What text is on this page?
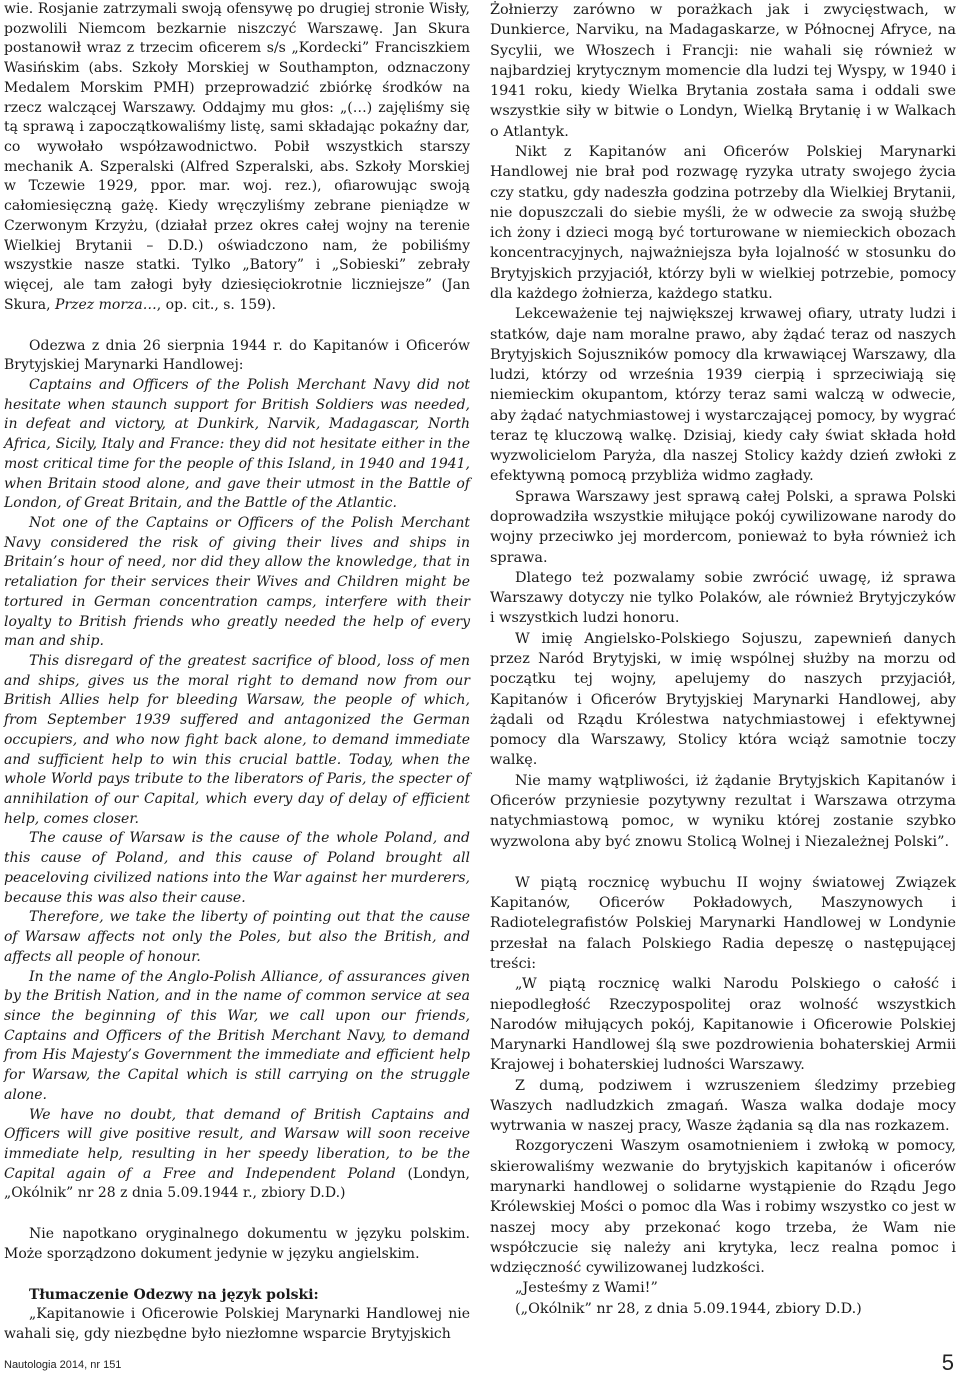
wie. Rosjanie zatrzymali swoją ofensywę po drugiej stronie Wisły, pozwolili Niemcom bezkarnie niszczyć Warszawę. Jan Skura postanowił wraz z trzecim oficerem s/s „Kordecki” Franciszkiem Wasińskim (abs. Szkoły Morskiej w Southampton, odznaczony Medalem Morskim PMH) przeprowadzić zbiórkę środków na rzecz walczącej Warszawy. Oddajmy mu głos: „(…) zajęliśmy się tą sprawą i zapoczątkowaliśmy listę, sami składając pokaźny dar, co wywołało współzawodnictwo. Pobił wszystkich starszy mechanik A. Szperalski (Alfred Szperalski, abs. Szkoły Morskiej w Tczewie 1929, ppor. mar. woj. rez.), ofiarowując swoją całomiesięczną gażę. Kiedy wręczyliśmy zebrane pieniądze w Czerwonym Krzyżu, (działał przez okres całej wojny na terenie Wielkiej Brytanii – D.D.) oświadczono nam, że pobiliśmy wszystkie nasze statki. Tylko „Batory” i „Sobieski” zebrały więcej, ale tam załogi były dziesięciokrotnie liczniejsze” (Jan Skura, Przez morza…, op. cit., s. 159).

Odezwa z dnia 26 sierpnia 1944 r. do Kapitanów i Oficerów Brytyjskiej Marynarki Handlowej:

Captains and Officers of the Polish Merchant Navy did not hesitate when staunch support for British Soldiers was needed, in defeat and victory, at Dunkirk, Narvik, Madagascar, North Africa, Sicily, Italy and France: they did not hesitate either in the most critical time for the people of this Island, in 1940 and 1941, when Britain stood alone, and gave their utmost in the Battle of London, of Great Britain, and the Battle of the Atlantic.

Not one of the Captains or Officers of the Polish Merchant Navy considered the risk of giving their lives and ships in Britain’s hour of need, nor did they allow the knowledge, that in retaliation for their services their Wives and Children might be tortured in German concentration camps, interfere with their loyalty to British friends who greatly needed the help of every man and ship.

This disregard of the greatest sacrifice of blood, loss of men and ships, gives us the moral right to demand now from our British Allies help for bleeding Warsaw, the people of which, from September 1939 suffered and antagonized the German occupiers, and who now fight back alone, to demand immediate and sufficient help to win this crucial battle. Today, when the whole World pays tribute to the liberators of Paris, the specter of annihilation of our Capital, which every day of delay of efficient help, comes closer.

The cause of Warsaw is the cause of the whole Poland, and this cause of Poland, and this cause of Poland brought all peaceloving civilized nations into the War against her murderers, because this was also their cause.

Therefore, we take the liberty of pointing out that the cause of Warsaw affects not only the Poles, but also the British, and affects all people of honour.

In the name of the Anglo-Polish Alliance, of assurances given by the British Nation, and in the name of common service at sea since the beginning of this War, we call upon our friends, Captains and Officers of the British Merchant Navy, to demand from His Majesty’s Government the immediate and efficient help for Warsaw, the Capital which is still carrying on the struggle alone.

We have no doubt, that demand of British Captains and Officers will give positive result, and Warsaw will soon receive immediate help, resulting in her speedy liberation, to be the Capital again of a Free and Independent Poland (Londyn, „Okólnik” nr 28 z dnia 5.09.1944 r., zbiory D.D.)

Nie napotkano oryginalnego dokumentu w języku polskim. Może sporządzono dokument jedynie w języku angielskim.

Tłumaczenie Odezwy na język polski:

„Kapitanowie i Oficerowie Polskiej Marynarki Handlowej nie wahali się, gdy niezbędne było niezłomne wsparcie Brytyjskich

Żołnierzy zarówno w porażkach jak i zwycięstwach, w Dunkierce, Narviku, na Madagaskarze, w Północnej Afryce, na Sycylii, we Włoszech i Francji: nie wahali się również w najbardziej krytycznym momencie dla ludzi tej Wyspy, w 1940 i 1941 roku, kiedy Wielka Brytania została sama i oddali swe wszystkie siły w bitwie o Londyn, Wielką Brytanię i w Walkach o Atlantyk.

Nikt z Kapitanów ani Oficerów Polskiej Marynarki Handlowej nie brał pod rozwagę ryzyka utraty swojego życia czy statku, gdy nadeszła godzina potrzeby dla Wielkiej Brytanii, nie dopuszczali do siebie myśli, że w odwecie za swoją służbę ich żony i dzieci mogą być torturowane w niemieckich obozach koncentracyjnych, najważniejsza była lojalność w stosunku do Brytyjskich przyjaciół, którzy byli w wielkiej potrzebie, pomocy dla każdego żołnierza, każdego statku.

Lekceważenie tej największej krwawej ofiary, utraty ludzi i statków, daje nam moralne prawo, aby żądać teraz od naszych Brytyjskich Sojuszników pomocy dla krwawiącej Warszawy, dla ludzi, którzy od września 1939 cierpią i sprzeciwiają się niemieckim okupantom, którzy teraz sami walczą w odwecie, aby żądać natychmiastowej i wystarczającej pomocy, by wygrać teraz tę kluczową walkę. Dzisiaj, kiedy cały świat składa hołd wyzwolicielom Paryża, dla naszej Stolicy każdy dzień zwłoki z efektywną pomocą przybliża widmo zagłady.

Sprawa Warszawy jest sprawą całej Polski, a sprawa Polski doprowadziła wszystkie miłujące pokój cywilizowane narody do wojny przeciwko jej mordercom, ponieważ to była również ich sprawa.

Dlatego też pozwalamy sobie zwrócić uwagę, iż sprawa Warszawy dotyczy nie tylko Polaków, ale również Brytyjczyków i wszystkich ludzi honoru.

W imię Angielsko-Polskiego Sojuszu, zapewnień danych przez Naród Brytyjski, w imię wspólnej służby na morzu od początku tej wojny, apelujemy do naszych przyjaciół, Kapitanów i Oficerów Brytyjskiej Marynarki Handlowej, aby żądali od Rządu Królestwa natychmiastowej i efektywnej pomocy dla Warszawy, Stolicy która wciąż samotnie toczy walkę.

Nie mamy wątpliwości, iż żądanie Brytyjskich Kapitanów i Oficerów przyniesie pozytywny rezultat i Warszawa otrzyma natychmiastową pomoc, w wyniku której zostanie szybko wyzwolona aby być znowu Stolicą Wolnej i Niezależnej Polski”.

W piątą rocznicę wybuchu II wojny światowej Związek Kapitanów, Oficerów Pokładowych, Maszynowych i Radiotelegrafistów Polskiej Marynarki Handlowej w Londynie przesłał na falach Polskiego Radia depeszę o następującej treści:

„W piątą rocznicę walki Narodu Polskiego o całość i niepodległość Rzeczypospolitej oraz wolność wszystkich Narodów miłujących pokój, Kapitanowie i Oficerowie Polskiej Marynarki Handlowej ślą swe pozdrowienia bohaterskiej Armii Krajowej i bohaterskiej ludności Warszawy.

Z dumą, podziwem i wzruszeniem śledzimy przebieg Waszych nadludzkich zmagań. Wasza walka dodaje mocy wytrwania w naszej pracy, Wasze żądania są dla nas rozkazem.

Rozgoryczeni Waszym osamotnieniem i zwłoką w pomocy, skierowaliśmy wezwanie do brytyjskich kapitanów i oficerów marynarki handlowej o solidarne wystąpienie do Rządu Jego Królewskiej Mości o pomoc dla Was i robimy wszystko co jest w naszej mocy aby przekonać kogo trzeba, że Wam nie współczucie się należy ani krytyka, lecz realna pomoc i wdzięczność cywilizowanej ludzkości.

„Jesteśmy z Wami!”

(„Okólnik” nr 28, z dnia 5.09.1944, zbiory D.D.)

Nautologia 2014, nr 151	5
